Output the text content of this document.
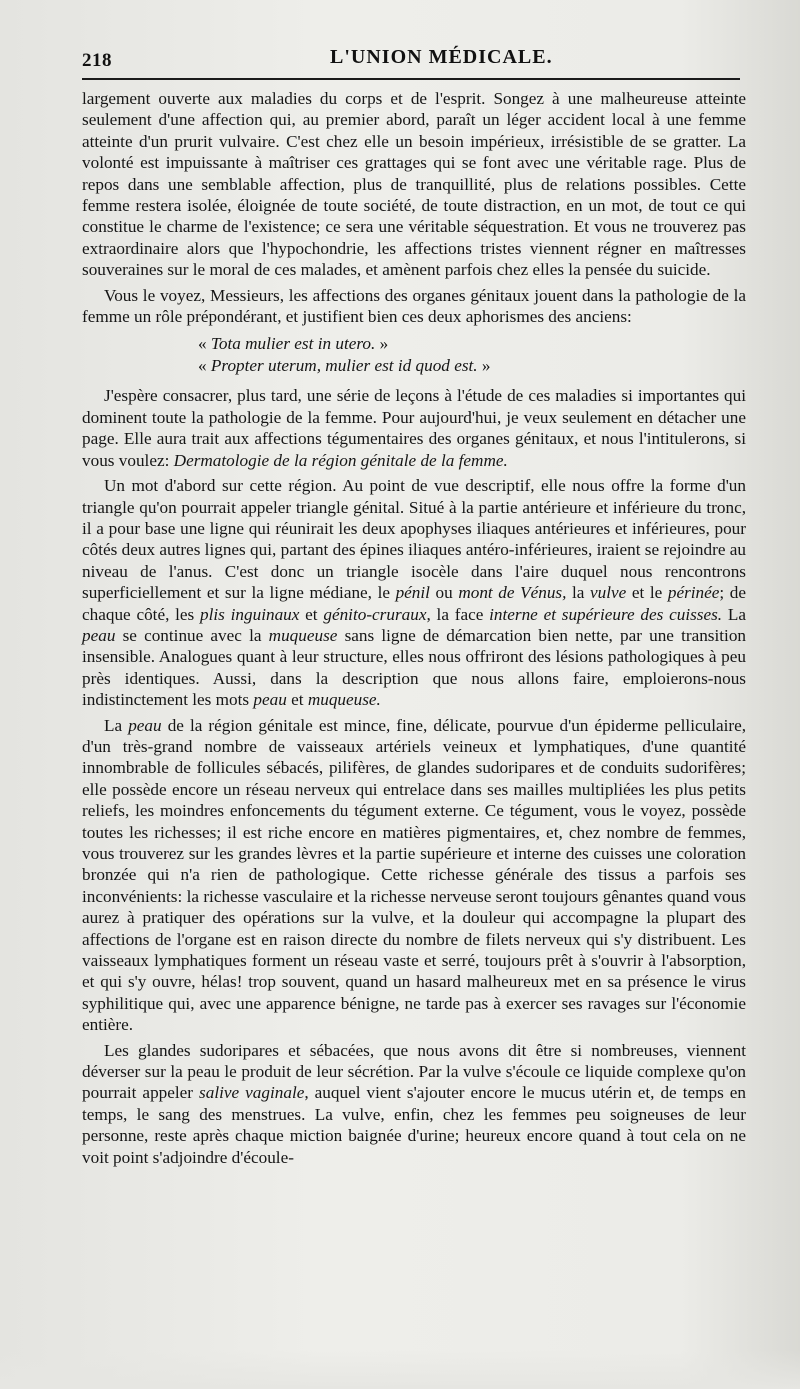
218	L'UNION MÉDICALE.

largement ouverte aux maladies du corps et de l'esprit. Songez à une malheureuse atteinte seulement d'une affection qui, au premier abord, paraît un léger accident local à une femme atteinte d'un prurit vulvaire. C'est chez elle un besoin impérieux, irrésistible de se gratter. La volonté est impuissante à maîtriser ces grattages qui se font avec une véritable rage. Plus de repos dans une semblable affection, plus de tranquillité, plus de relations possibles. Cette femme restera isolée, éloignée de toute société, de toute distraction, en un mot, de tout ce qui constitue le charme de l'existence; ce sera une véritable séquestration. Et vous ne trouverez pas extraordinaire alors que l'hypochondrie, les affections tristes viennent régner en maîtresses souveraines sur le moral de ces malades, et amènent parfois chez elles la pensée du suicide.

Vous le voyez, Messieurs, les affections des organes génitaux jouent dans la pathologie de la femme un rôle prépondérant, et justifient bien ces deux aphorismes des anciens:

« Tota mulier est in utero. »
« Propter uterum, mulier est id quod est. »

J'espère consacrer, plus tard, une série de leçons à l'étude de ces maladies si importantes qui dominent toute la pathologie de la femme. Pour aujourd'hui, je veux seulement en détacher une page. Elle aura trait aux affections tégumentaires des organes génitaux, et nous l'intitulerons, si vous voulez: Dermatologie de la région génitale de la femme.

Un mot d'abord sur cette région. Au point de vue descriptif, elle nous offre la forme d'un triangle qu'on pourrait appeler triangle génital. Situé à la partie antérieure et inférieure du tronc, il a pour base une ligne qui réunirait les deux apophyses iliaques antérieures et inférieures, pour côtés deux autres lignes qui, partant des épines iliaques antéro-inférieures, iraient se rejoindre au niveau de l'anus. C'est donc un triangle isocèle dans l'aire duquel nous rencontrons superficiellement et sur la ligne médiane, le pénil ou mont de Vénus, la vulve et le périnée; de chaque côté, les plis inguinaux et génito-cruraux, la face interne et supérieure des cuisses. La peau se continue avec la muqueuse sans ligne de démarcation bien nette, par une transition insensible. Analogues quant à leur structure, elles nous offriront des lésions pathologiques à peu près identiques. Aussi, dans la description que nous allons faire, emploierons-nous indistinctement les mots peau et muqueuse.

La peau de la région génitale est mince, fine, délicate, pourvue d'un épiderme pelliculaire, d'un très-grand nombre de vaisseaux artériels veineux et lymphatiques, d'une quantité innombrable de follicules sébacés, pilifères, de glandes sudoripares et de conduits sudorifères; elle possède encore un réseau nerveux qui entrelace dans ses mailles multipliées les plus petits reliefs, les moindres enfoncements du tégument externe. Ce tégument, vous le voyez, possède toutes les richesses; il est riche encore en matières pigmentaires, et, chez nombre de femmes, vous trouverez sur les grandes lèvres et la partie supérieure et interne des cuisses une coloration bronzée qui n'a rien de pathologique. Cette richesse générale des tissus a parfois ses inconvénients: la richesse vasculaire et la richesse nerveuse seront toujours gênantes quand vous aurez à pratiquer des opérations sur la vulve, et la douleur qui accompagne la plupart des affections de l'organe est en raison directe du nombre de filets nerveux qui s'y distribuent. Les vaisseaux lymphatiques forment un réseau vaste et serré, toujours prêt à s'ouvrir à l'absorption, et qui s'y ouvre, hélas! trop souvent, quand un hasard malheureux met en sa présence le virus syphilitique qui, avec une apparence bénigne, ne tarde pas à exercer ses ravages sur l'économie entière.

Les glandes sudoripares et sébacées, que nous avons dit être si nombreuses, viennent déverser sur la peau le produit de leur sécrétion. Par la vulve s'écoule ce liquide complexe qu'on pourrait appeler salive vaginale, auquel vient s'ajouter encore le mucus utérin et, de temps en temps, le sang des menstrues. La vulve, enfin, chez les femmes peu soigneuses de leur personne, reste après chaque miction baignée d'urine; heureux encore quand à tout cela on ne voit point s'adjoindre d'écoule-
